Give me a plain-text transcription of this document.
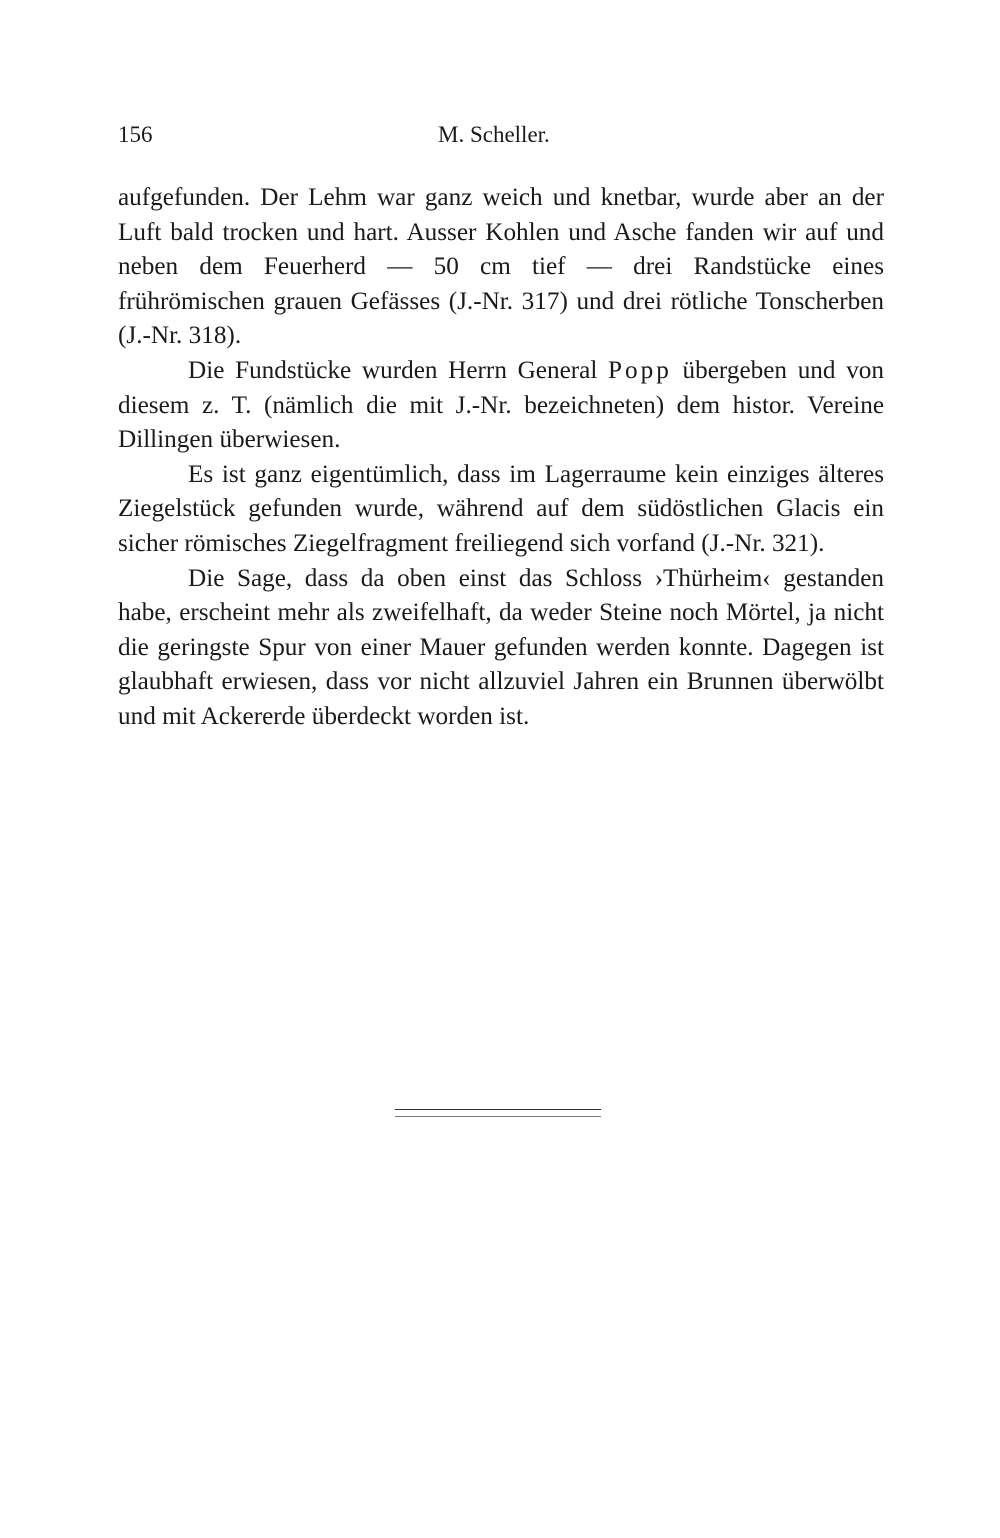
156	M. Scheller.

aufgefunden. Der Lehm war ganz weich und knetbar, wurde aber an der Luft bald trocken und hart. Ausser Kohlen und Asche fanden wir auf und neben dem Feuerherd — 50 cm tief — drei Randstücke eines frührömischen grauen Gefässes (J.-Nr. 317) und drei rötliche Tonscherben (J.-Nr. 318).

Die Fundstücke wurden Herrn General Popp übergeben und von diesem z. T. (nämlich die mit J.-Nr. bezeichneten) dem histor. Vereine Dillingen überwiesen.

Es ist ganz eigentümlich, dass im Lagerraume kein einziges älteres Ziegelstück gefunden wurde, während auf dem südöstlichen Glacis ein sicher römisches Ziegelfragment freiliegend sich vorfand (J.-Nr. 321).

Die Sage, dass da oben einst das Schloss ›Thürheim‹ gestanden habe, erscheint mehr als zweifelhaft, da weder Steine noch Mörtel, ja nicht die geringste Spur von einer Mauer gefunden werden konnte. Dagegen ist glaubhaft erwiesen, dass vor nicht allzuviel Jahren ein Brunnen überwölbt und mit Ackererde überdeckt worden ist.
